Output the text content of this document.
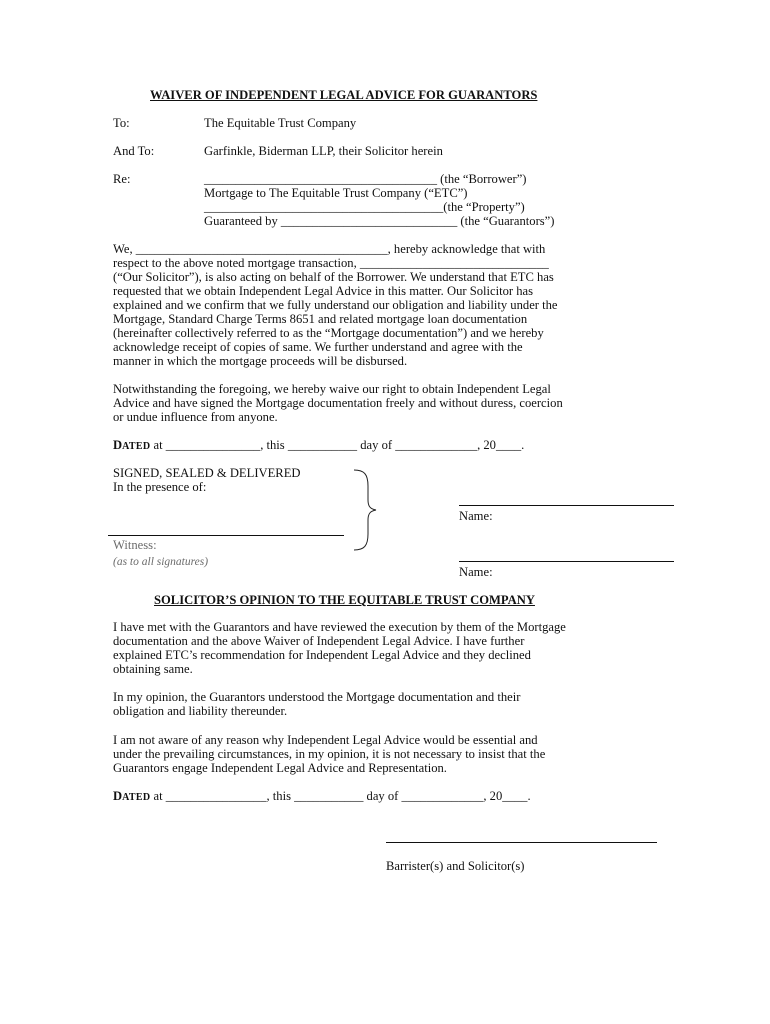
WAIVER OF INDEPENDENT LEGAL ADVICE FOR GUARANTORS
To:	The Equitable Trust Company
And To:	Garfinkle, Biderman LLP, their Solicitor herein
Re:	_____________________________________ (the “Borrower”)
Mortgage to The Equitable Trust Company (“ETC”)
______________________________________(the “Property”)
Guaranteed by ____________________________ (the “Guarantors”)
We, ________________________________________, hereby acknowledge that with
respect to the above noted mortgage transaction, ______________________________
(“Our Solicitor”), is also acting on behalf of the Borrower. We understand that ETC has
requested that we obtain Independent Legal Advice in this matter. Our Solicitor has
explained and we confirm that we fully understand our obligation and liability under the
Mortgage, Standard Charge Terms 8651 and related mortgage loan documentation
(hereinafter collectively referred to as the “Mortgage documentation”) and we hereby
acknowledge receipt of copies of same. We further understand and agree with the
manner in which the mortgage proceeds will be disbursed.
Notwithstanding the foregoing, we hereby waive our right to obtain Independent Legal
Advice and have signed the Mortgage documentation freely and without duress, coercion
or undue influence from anyone.
DATED at _______________, this ___________ day of _____________, 20____.
SIGNED, SEALED & DELIVERED
In the presence of:
Witness:
(as to all signatures)
Name:
Name:
SOLICITOR’S OPINION TO THE EQUITABLE TRUST COMPANY
I have met with the Guarantors and have reviewed the execution by them of the Mortgage
documentation and the above Waiver of Independent Legal Advice. I have further
explained ETC’s recommendation for Independent Legal Advice and they declined
obtaining same.
In my opinion, the Guarantors understood the Mortgage documentation and their
obligation and liability thereunder.
I am not aware of any reason why Independent Legal Advice would be essential and
under the prevailing circumstances, in my opinion, it is not necessary to insist that the
Guarantors engage Independent Legal Advice and Representation.
DATED at ________________, this ___________ day of _____________, 20____.
Barrister(s) and Solicitor(s)
